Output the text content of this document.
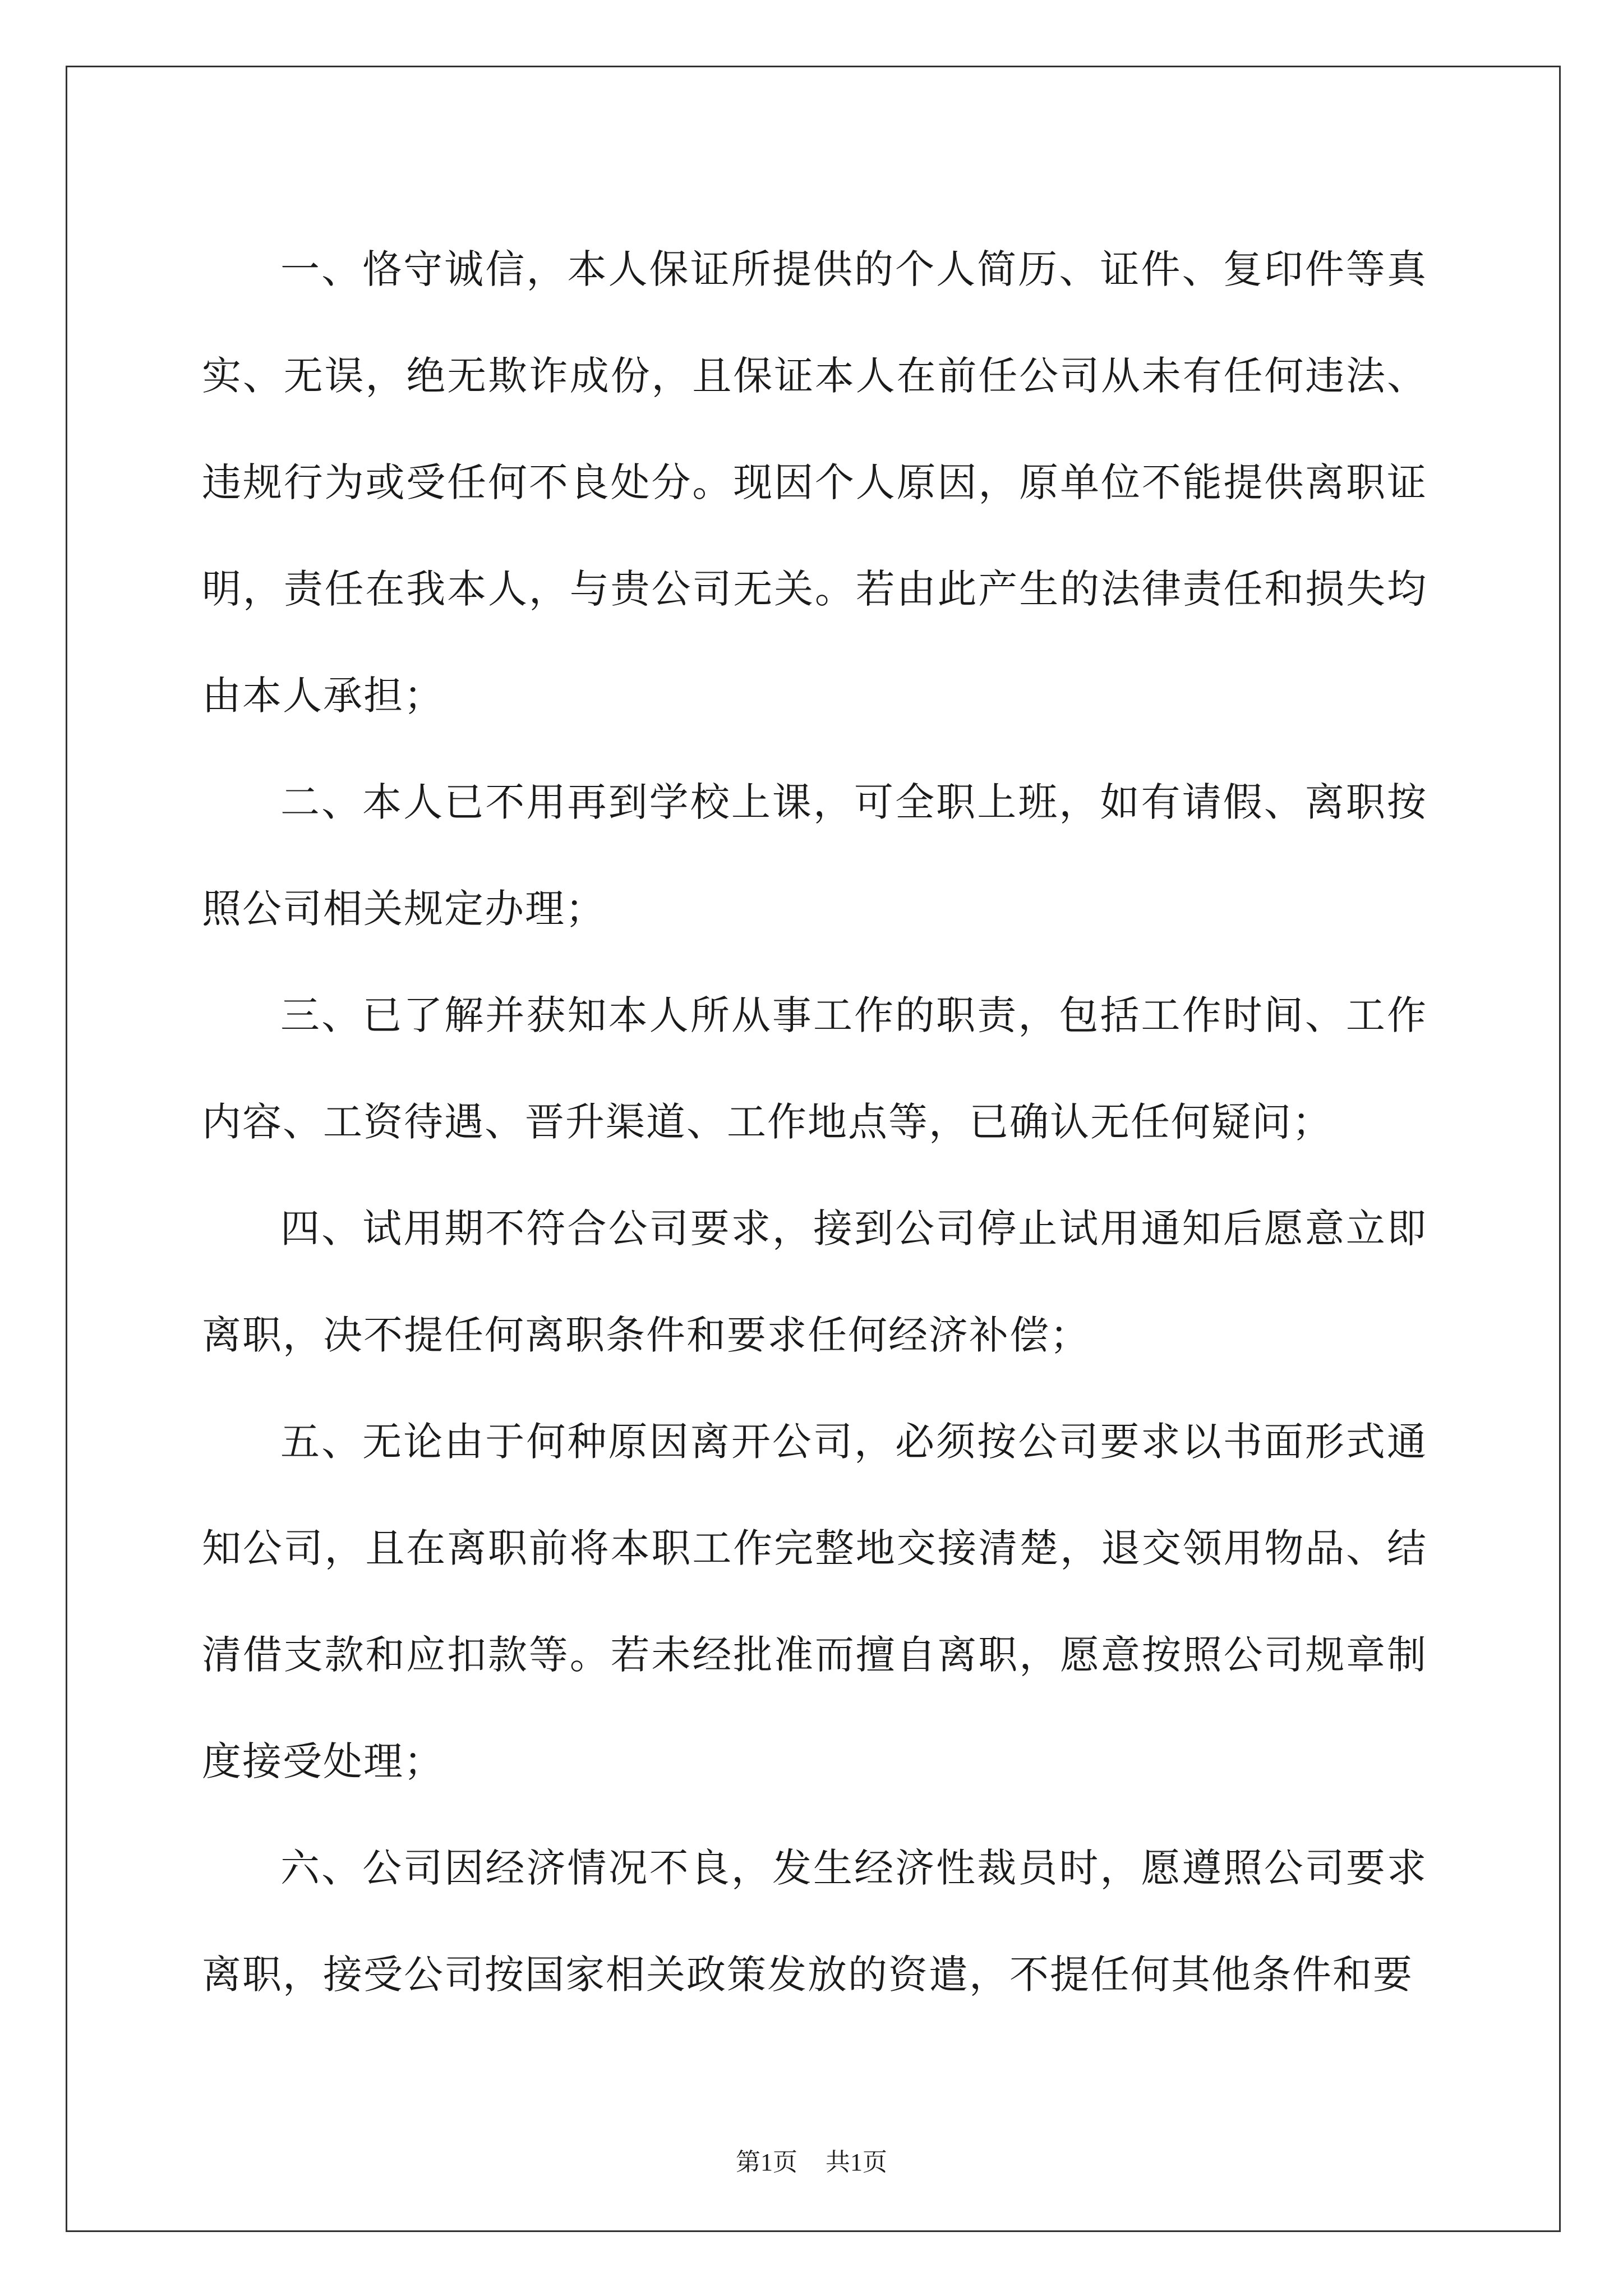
一、恪守诚信，本人保证所提供的个人简历、证件、复印件等真实、无误，绝无欺诈成份，且保证本人在前任公司从未有任何违法、违规行为或受任何不良处分。现因个人原因，原单位不能提供离职证明，责任在我本人，与贵公司无关。若由此产生的法律责任和损失均由本人承担；

二、本人已不用再到学校上课，可全职上班，如有请假、离职按照公司相关规定办理；

三、已了解并获知本人所从事工作的职责，包括工作时间、工作内容、工资待遇、晋升渠道、工作地点等，已确认无任何疑问；

四、试用期不符合公司要求，接到公司停止试用通知后愿意立即离职，决不提任何离职条件和要求任何经济补偿；

五、无论由于何种原因离开公司，必须按公司要求以书面形式通知公司，且在离职前将本职工作完整地交接清楚，退交领用物品、结清借支款和应扣款等。若未经批准而擅自离职，愿意按照公司规章制度接受处理；

六、公司因经济情况不良，发生经济性裁员时，愿遵照公司要求离职，接受公司按国家相关政策发放的资遣，不提任何其他条件和要

第1页 共1页
